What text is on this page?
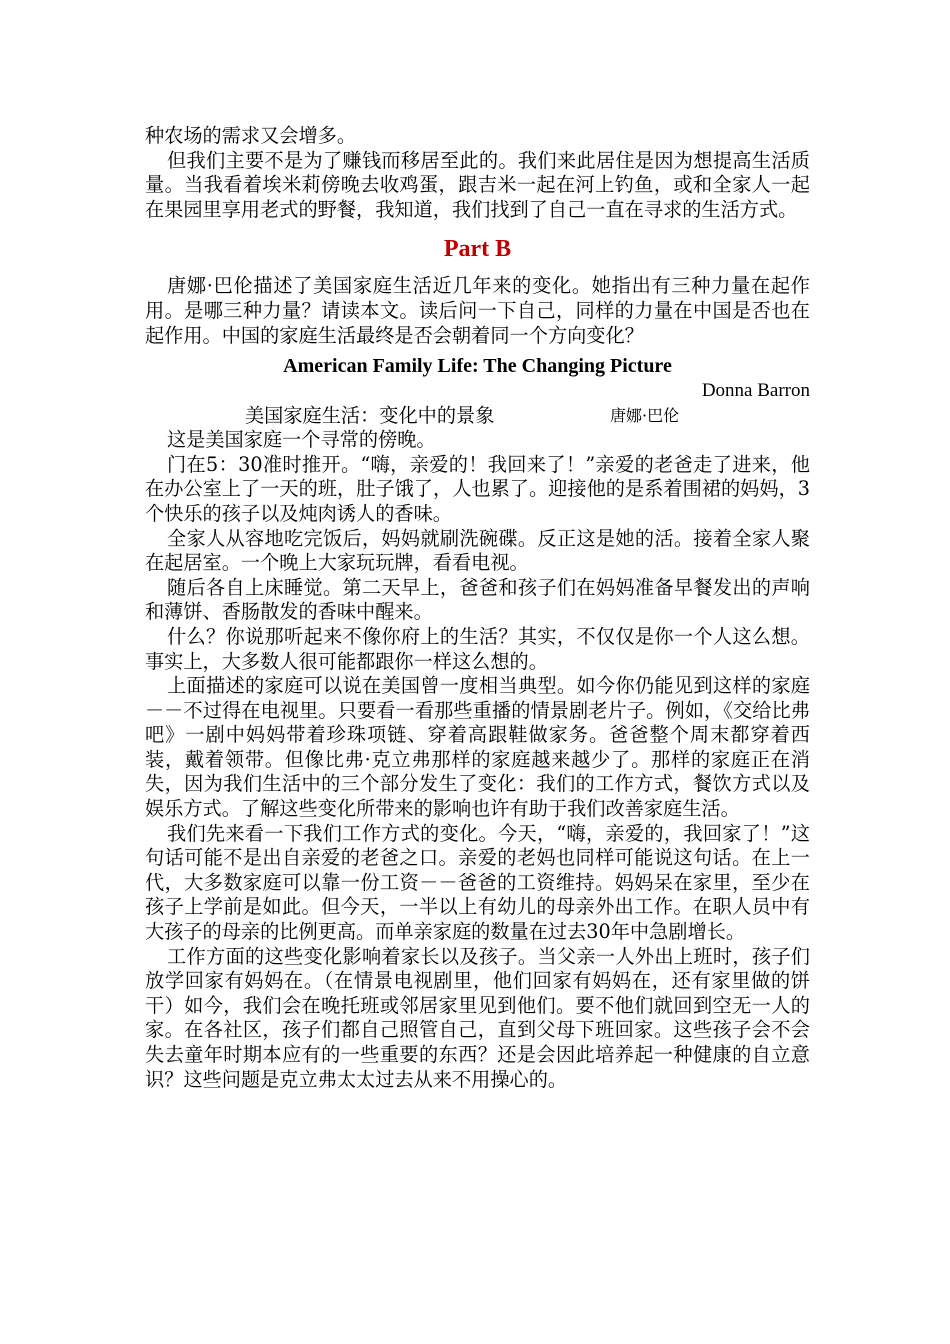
种农场的需求又会增多。

但我们主要不是为了赚钱而移居至此的。我们来此居住是因为想提高生活质量。当我看着埃米莉傍晚去收鸡蛋，跟吉米一起在河上钓鱼，或和全家人一起在果园里享用老式的野餐，我知道，我们找到了自己一直在寻求的生活方式。

Part B

唐娜·巴伦描述了美国家庭生活近几年来的变化。她指出有三种力量在起作用。是哪三种力量？请读本文。读后问一下自己，同样的力量在中国是否也在起作用。中国的家庭生活最终是否会朝着同一个方向变化？

American Family Life: The Changing Picture
Donna Barron
美国家庭生活：变化中的景象	唐娜·巴伦

这是美国家庭一个寻常的傍晚。

门在5：30准时推开。“嗨，亲爱的！我回来了！”亲爱的老爸走了进来，他在办公室上了一天的班，肚子饿了，人也累了。迎接他的是系着围裙的妈妈，3个快乐的孩子以及炖肉诱人的香味。

全家人从容地吃完饭后，妈妈就刷洗碗碟。反正这是她的活。接着全家人聚在起居室。一个晚上大家玩玩牌，看看电视。

随后各自上床睡觉。第二天早上，爸爸和孩子们在妈妈准备早餐发出的声响和薄饼、香肠散发的香味中醒来。

什么？你说那听起来不像你府上的生活？其实，不仅仅是你一个人这么想。事实上，大多数人很可能都跟你一样这么想的。

上面描述的家庭可以说在美国曾一度相当典型。如今你仍能见到这样的家庭－－不过得在电视里。只要看一看那些重播的情景剧老片子。例如，《交给比弗吧》一剧中妈妈带着珍珠项链、穿着高跟鞋做家务。爸爸整个周末都穿着西装，戴着领带。但像比弗·克立弗那样的家庭越来越少了。那样的家庭正在消失，因为我们生活中的三个部分发生了变化：我们的工作方式，餐饮方式以及娱乐方式。了解这些变化所带来的影响也许有助于我们改善家庭生活。

我们先来看一下我们工作方式的变化。今天，“嗨，亲爱的，我回家了！”这句话可能不是出自亲爱的老爸之口。亲爱的老妈也同样可能说这句话。在上一代，大多数家庭可以靠一份工资－－爸爸的工资维持。妈妈呆在家里，至少在孩子上学前是如此。但今天，一半以上有幼儿的母亲外出工作。在职人员中有大孩子的母亲的比例更高。而单亲家庭的数量在过去30年中急剧增长。

工作方面的这些变化影响着家长以及孩子。当父亲一人外出上班时，孩子们放学回家有妈妈在。（在情景电视剧里，他们回家有妈妈在，还有家里做的饼干）如今，我们会在晚托班或邻居家里见到他们。要不他们就回到空无一人的家。在各社区，孩子们都自己照管自己，直到父母下班回家。这些孩子会不会失去童年时期本应有的一些重要的东西？还是会因此培养起一种健康的自立意识？这些问题是克立弗太太过去从来不用操心的。
